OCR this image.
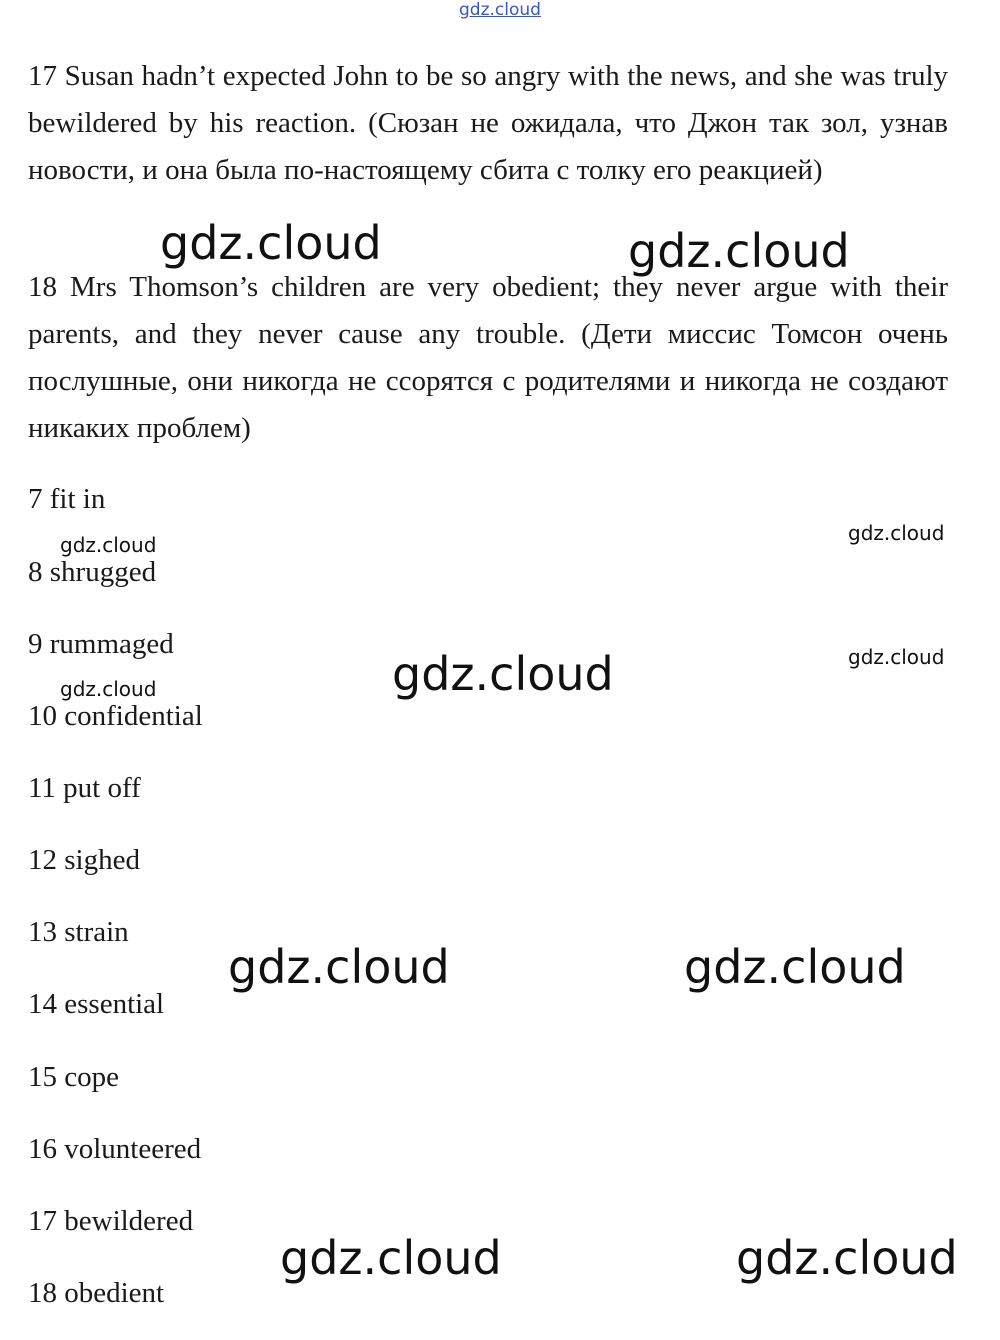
gdz.cloud
17 Susan hadn’t expected John to be so angry with the news, and she was truly bewildered by his reaction. (Сюзан не ожидала, что Джон так зол, узнав новости, и она была по-настоящему сбита с толку его реакцией)
18 Mrs Thomson’s children are very obedient; they never argue with their parents, and they never cause any trouble. (Дети миссис Томсон очень послушные, они никогда не ссорятся с родителями и никогда не создают никаких проблем)
7 fit in
8 shrugged
9 rummaged
10 confidential
11 put off
12 sighed
13 strain
14 essential
15 cope
16 volunteered
17 bewildered
18 obedient
gdz.cloud	gdz.cloud
gdz.cloud	gdz.cloud
gdz.cloud
gdz.cloud
gdz.cloud
gdz.cloud	gdz.cloud
gdz.cloud	gdz.cloud
